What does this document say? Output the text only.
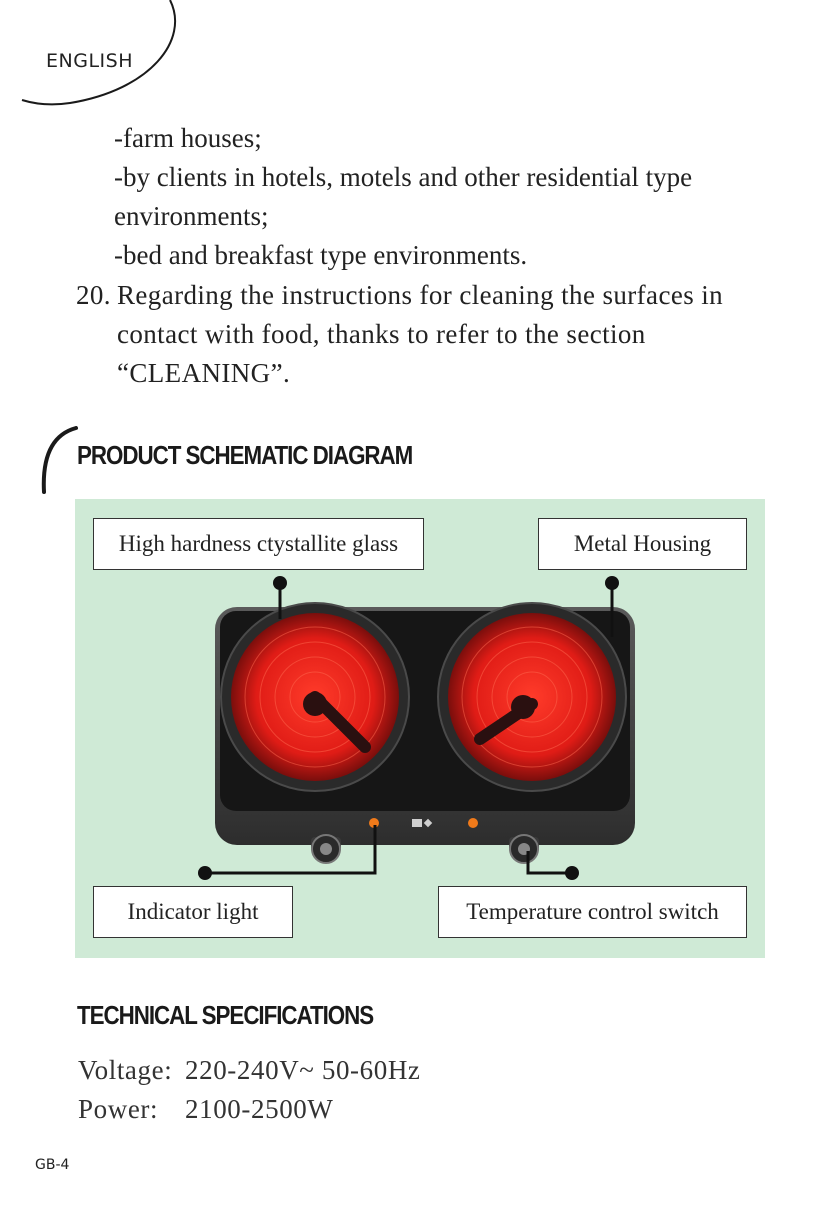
ENGLISH
-farm houses;
-by clients in hotels, motels and other residential type
environments;
-bed and breakfast type environments.
20. Regarding the instructions for cleaning the surfaces in
contact with food, thanks to refer to the section
“CLEANING”.
PRODUCT SCHEMATIC DIAGRAM
High hardness ctystallite glass	Metal Housing
Indicator light	Temperature control switch
TECHNICAL SPECIFICATIONS
Voltage: 220-240V~ 50-60Hz
Power: 2100-2500W
GB-4
